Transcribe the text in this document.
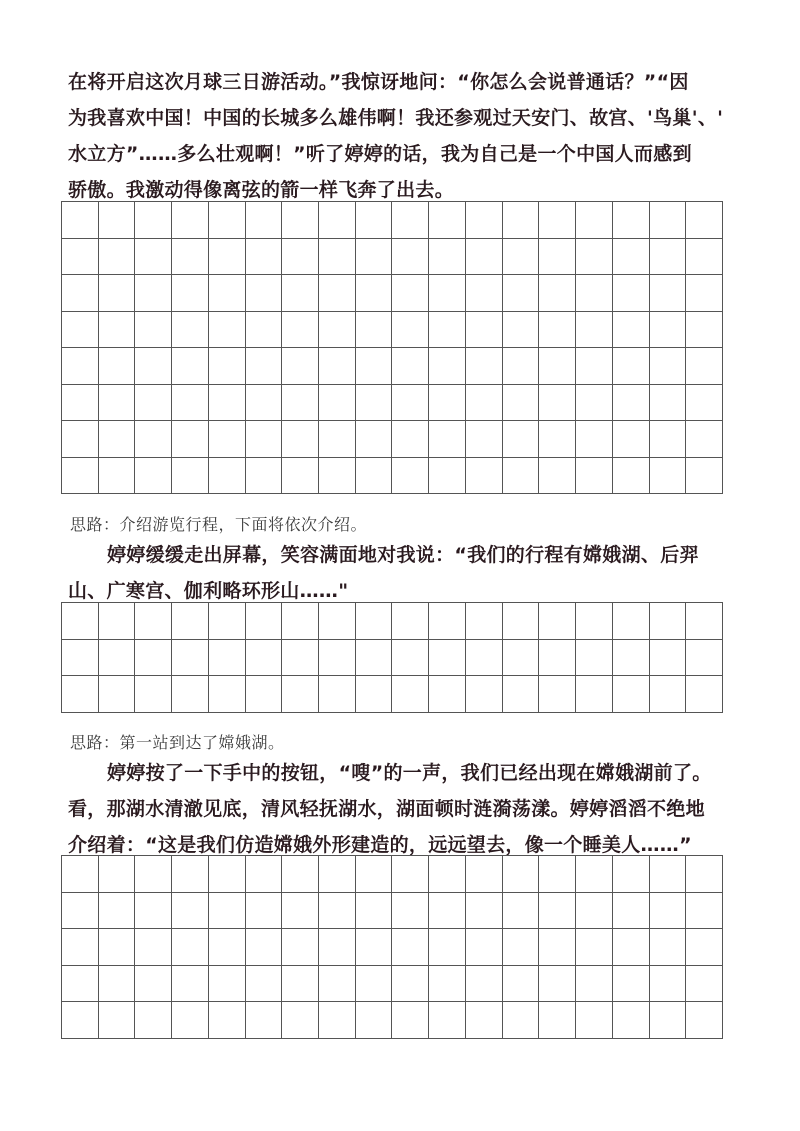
在将开启这次月球三日游活动。”我惊讶地问：“你怎么会说普通话？”“因
为我喜欢中国！中国的长城多么雄伟啊！我还参观过天安门、故宫、'鸟巢'、'
水立方”……多么壮观啊！”听了婷婷的话，我为自己是一个中国人而感到
骄傲。我激动得像离弦的箭一样飞奔了出去。

思路：介绍游览行程，下面将依次介绍。

婷婷缓缓走出屏幕，笑容满面地对我说：“我们的行程有嫦娥湖、后羿
山、广寒宫、伽利略环形山……"

思路：第一站到达了嫦娥湖。

婷婷按了一下手中的按钮，“嗖”的一声，我们已经出现在嫦娥湖前了。
看，那湖水清澈见底，清风轻抚湖水，湖面顿时涟漪荡漾。婷婷滔滔不绝地
介绍着：“这是我们仿造嫦娥外形建造的，远远望去，像一个睡美人……”
